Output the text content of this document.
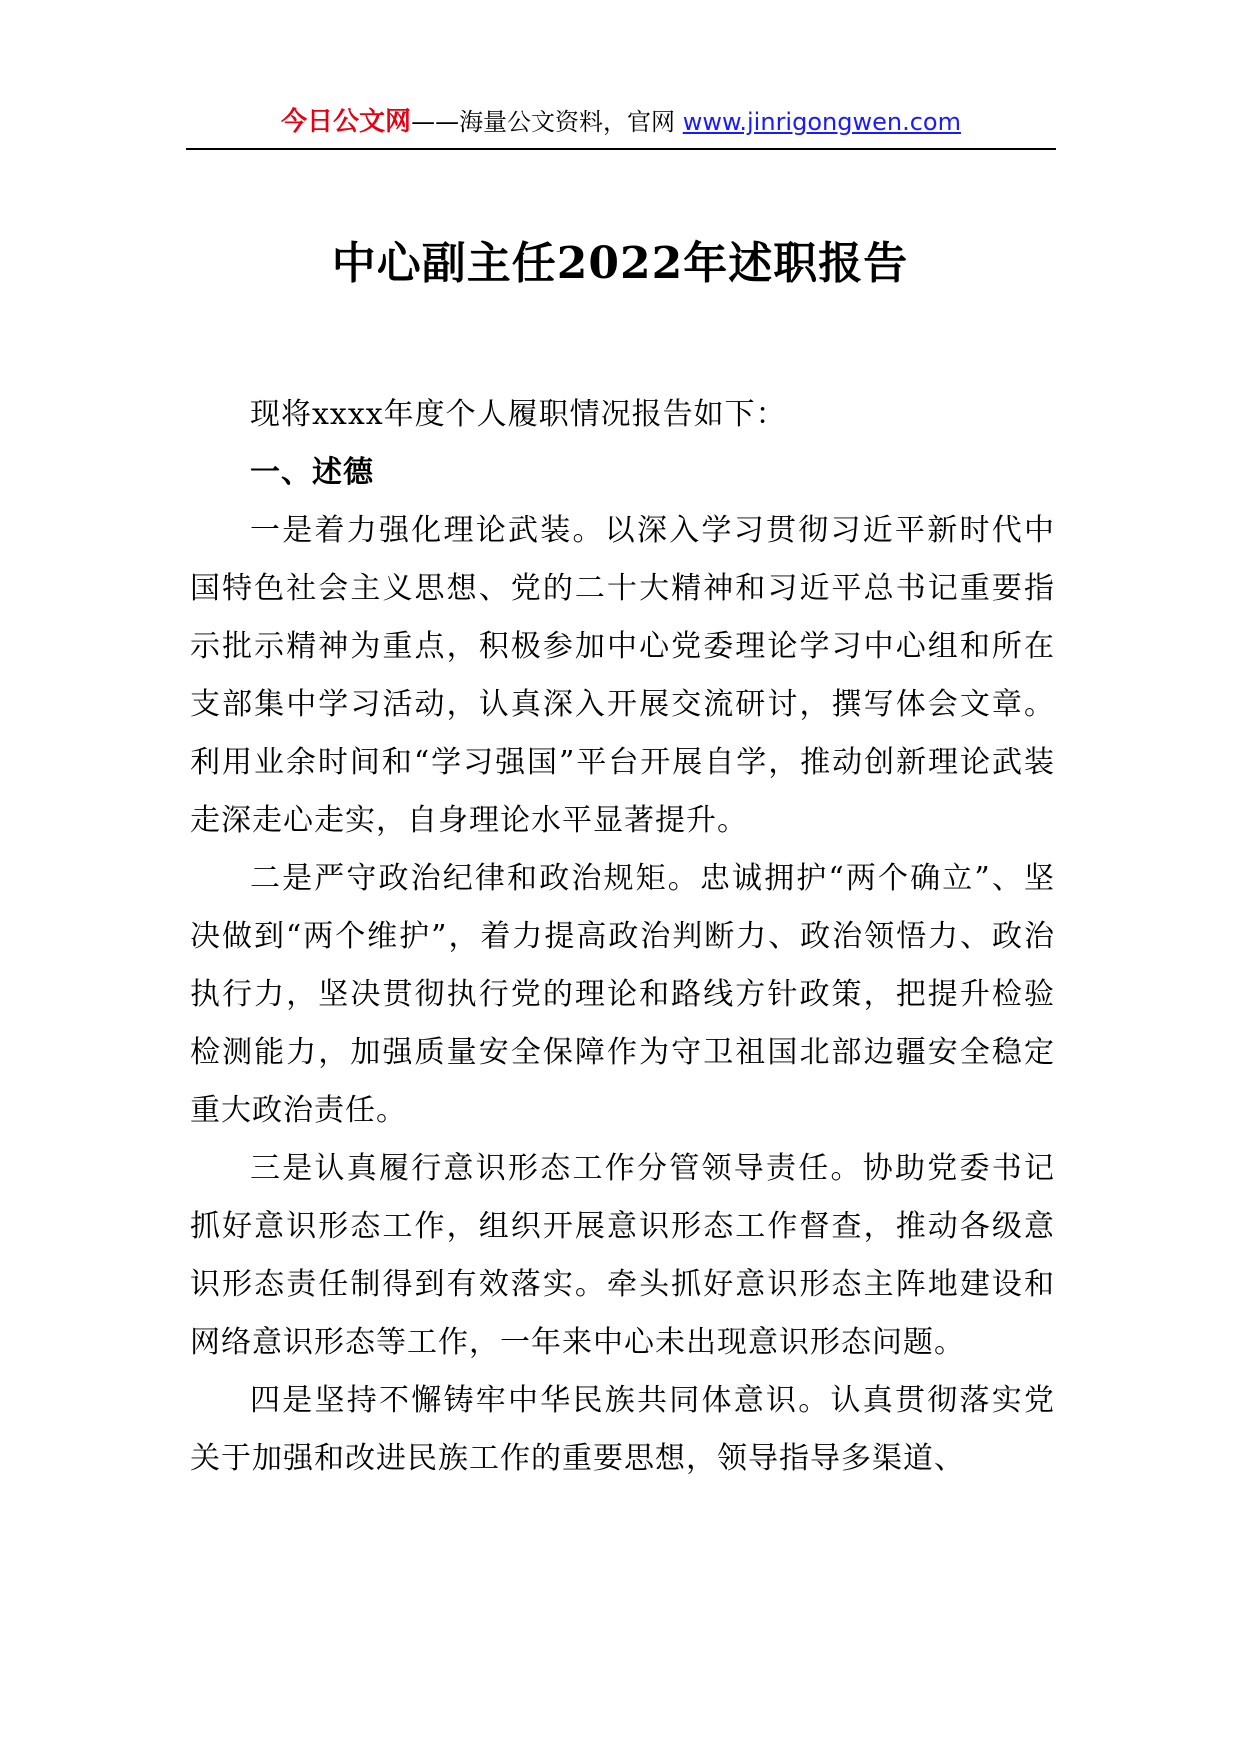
今日公文网——海量公文资料，官网 www.jinrigongwen.com
中心副主任2022年述职报告

现将xxxx年度个人履职情况报告如下：

一、述德

一是着力强化理论武装。以深入学习贯彻习近平新时代中国特色社会主义思想、党的二十大精神和习近平总书记重要指示批示精神为重点，积极参加中心党委理论学习中心组和所在支部集中学习活动，认真深入开展交流研讨，撰写体会文章。利用业余时间和“学习强国”平台开展自学，推动创新理论武装走深走心走实，自身理论水平显著提升。

二是严守政治纪律和政治规矩。忠诚拥护“两个确立”、坚决做到“两个维护”，着力提高政治判断力、政治领悟力、政治执行力，坚决贯彻执行党的理论和路线方针政策，把提升检验检测能力，加强质量安全保障作为守卫祖国北部边疆安全稳定重大政治责任。

三是认真履行意识形态工作分管领导责任。协助党委书记抓好意识形态工作，组织开展意识形态工作督查，推动各级意识形态责任制得到有效落实。牵头抓好意识形态主阵地建设和网络意识形态等工作，一年来中心未出现意识形态问题。

四是坚持不懈铸牢中华民族共同体意识。认真贯彻落实党关于加强和改进民族工作的重要思想，领导指导多渠道、
